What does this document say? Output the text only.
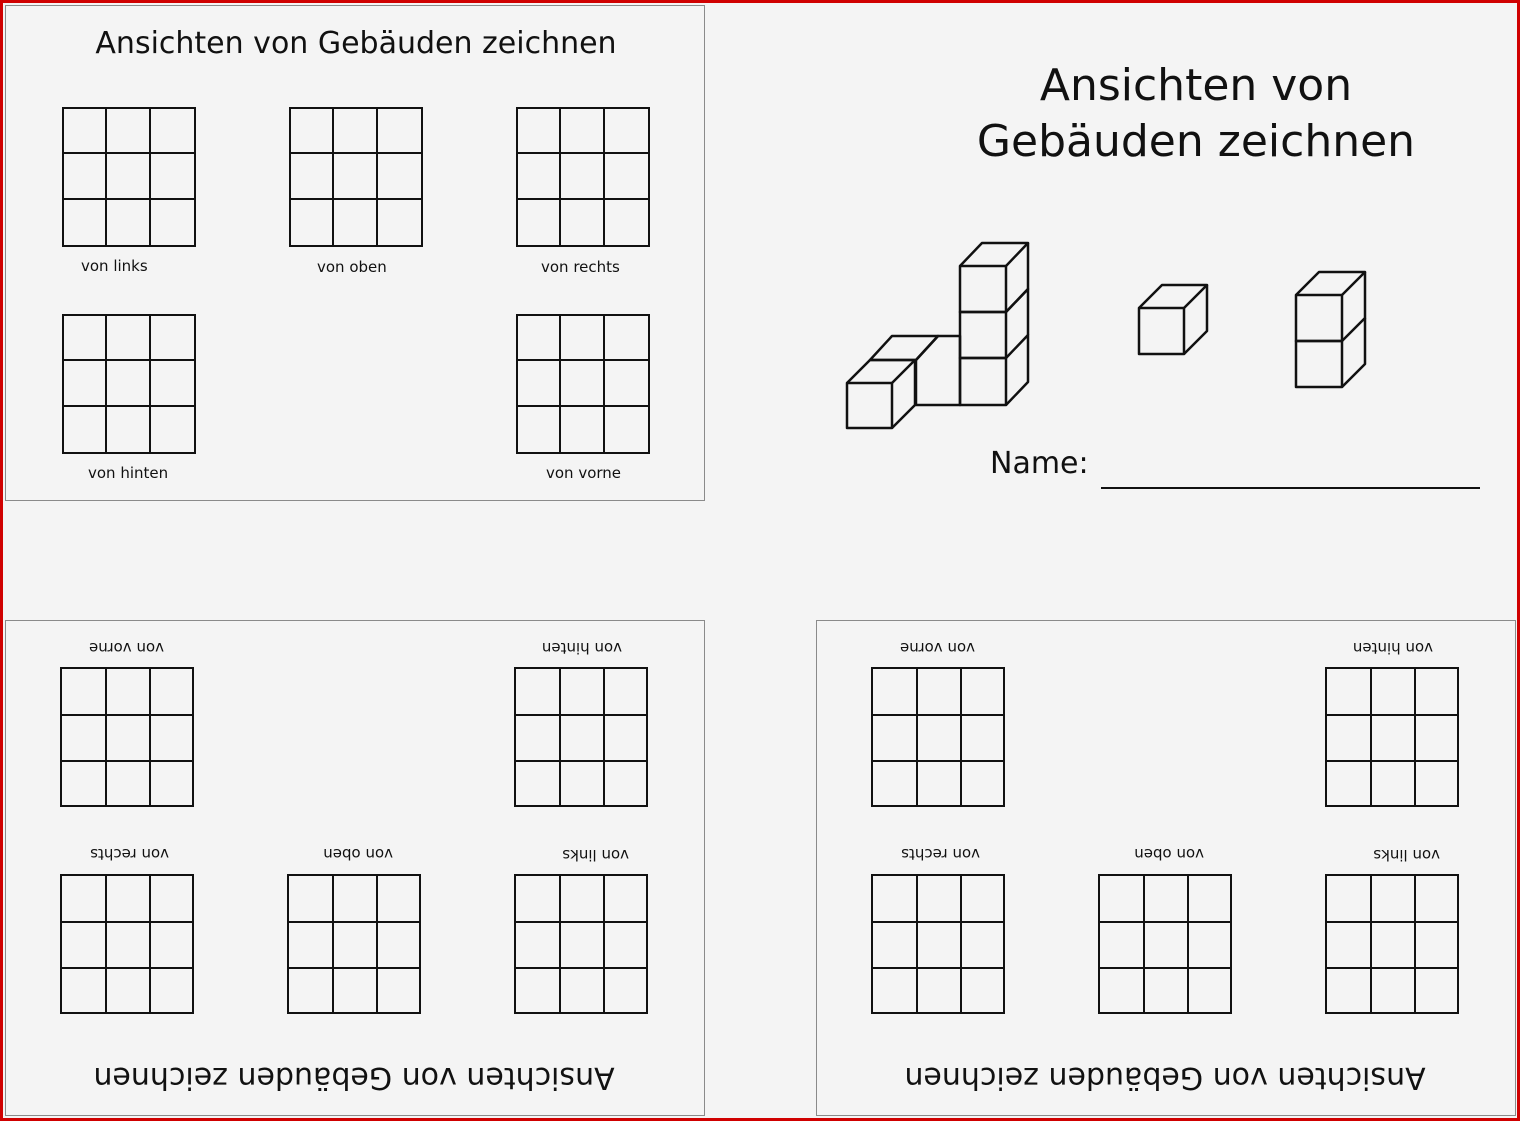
Ansichten von Gebäuden zeichnen
von links	von oben	von rechts
von hinten	von vorne
Ansichten von
Gebäuden zeichnen
Name:
Ansichten von Gebäuden zeichnen
von links
von oben
von rechts
von hinten
von vorne
Ansichten von Gebäuden zeichnen
von links
von oben
von rechts
von hinten
von vorne
